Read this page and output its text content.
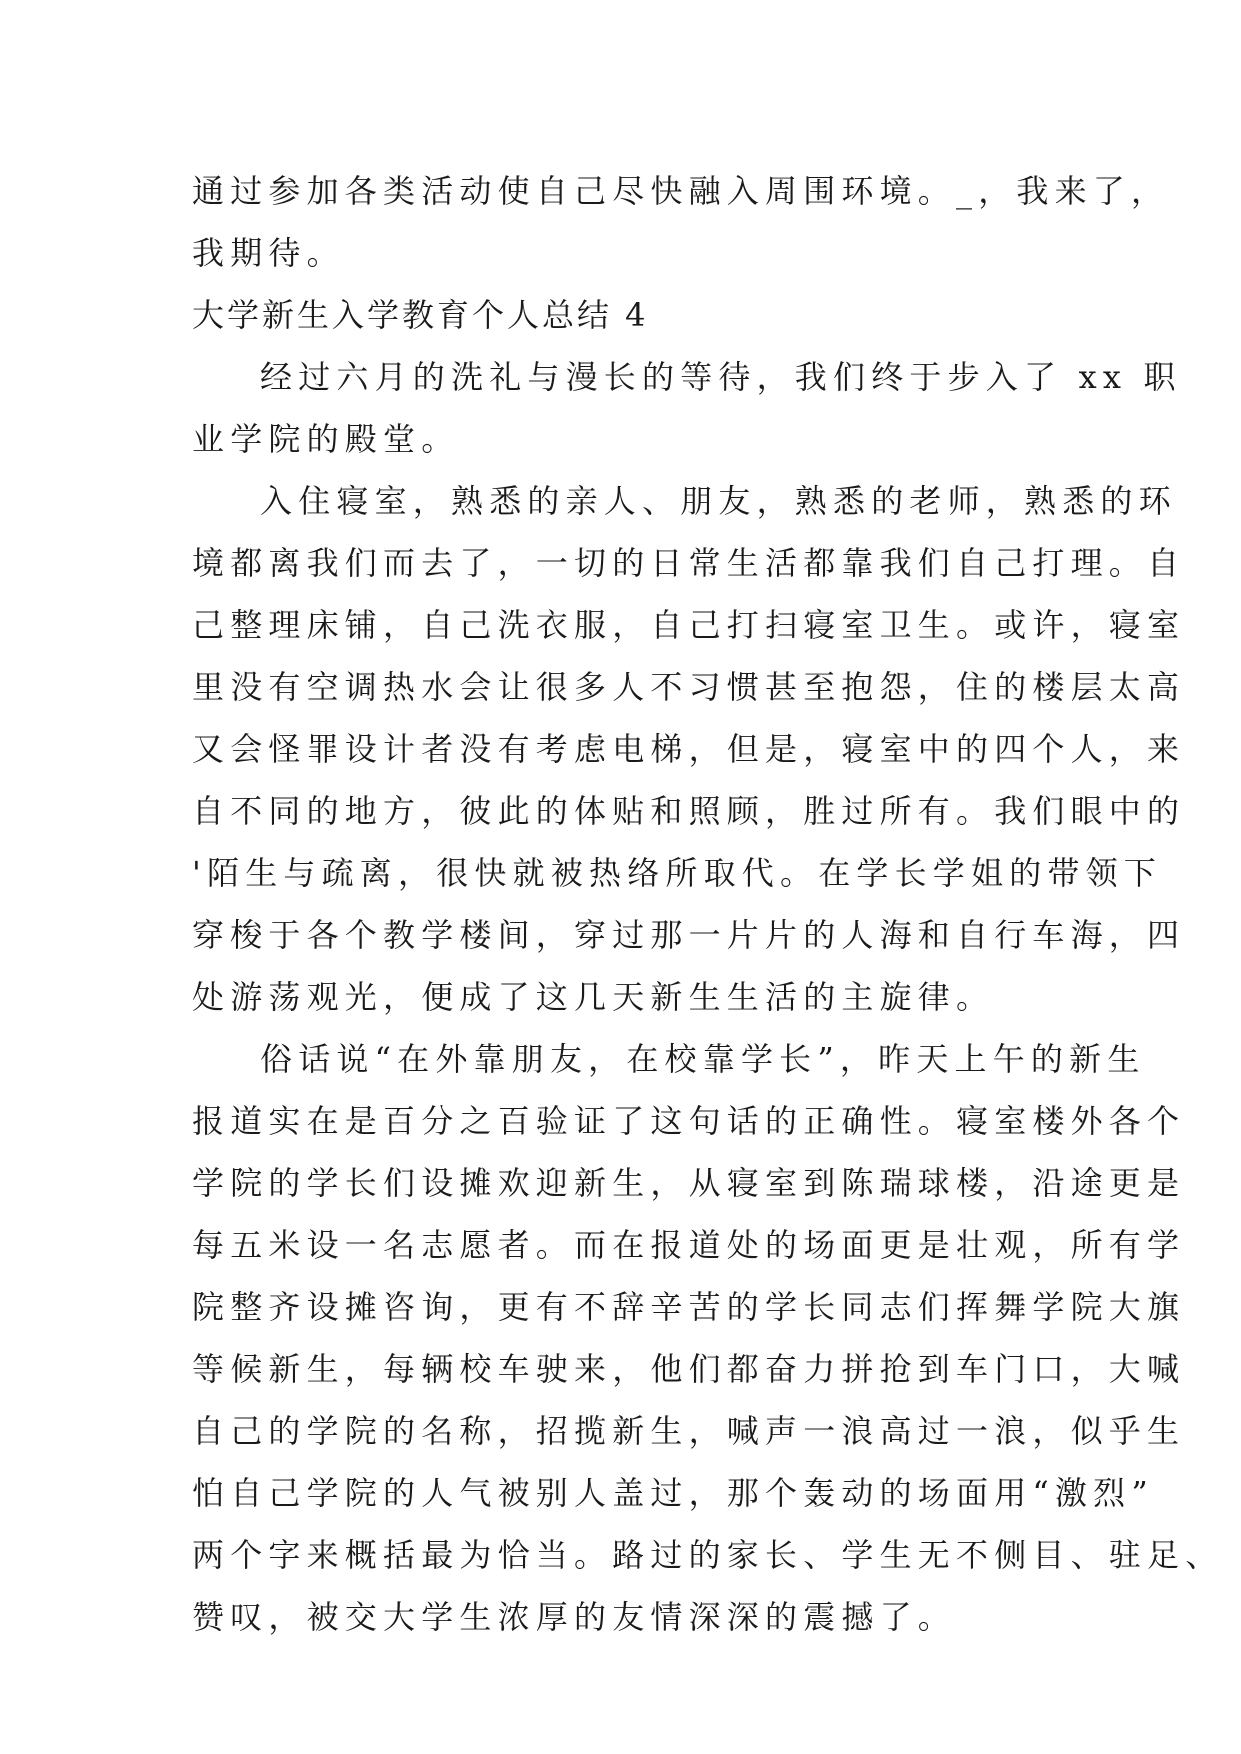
通过参加各类活动使自己尽快融入周围环境。_，我来了，

我期待。

大学新生入学教育个人总结 4

经过六月的洗礼与漫长的等待，我们终于步入了 xx 职

业学院的殿堂。

入住寝室，熟悉的亲人、朋友，熟悉的老师，熟悉的环

境都离我们而去了，一切的日常生活都靠我们自己打理。自

己整理床铺，自己洗衣服，自己打扫寝室卫生。或许，寝室

里没有空调热水会让很多人不习惯甚至抱怨，住的楼层太高

又会怪罪设计者没有考虑电梯，但是，寝室中的四个人，来

自不同的地方，彼此的体贴和照顾，胜过所有。我们眼中的

'陌生与疏离，很快就被热络所取代。在学长学姐的带领下

穿梭于各个教学楼间，穿过那一片片的人海和自行车海，四

处游荡观光，便成了这几天新生生活的主旋律。

俗话说“在外靠朋友，在校靠学长”，昨天上午的新生

报道实在是百分之百验证了这句话的正确性。寝室楼外各个

学院的学长们设摊欢迎新生，从寝室到陈瑞球楼，沿途更是

每五米设一名志愿者。而在报道处的场面更是壮观，所有学

院整齐设摊咨询，更有不辞辛苦的学长同志们挥舞学院大旗

等候新生，每辆校车驶来，他们都奋力拼抢到车门口，大喊

自己的学院的名称，招揽新生，喊声一浪高过一浪，似乎生

怕自己学院的人气被别人盖过，那个轰动的场面用“激烈”

两个字来概括最为恰当。路过的家长、学生无不侧目、驻足、

赞叹，被交大学生浓厚的友情深深的震撼了。
